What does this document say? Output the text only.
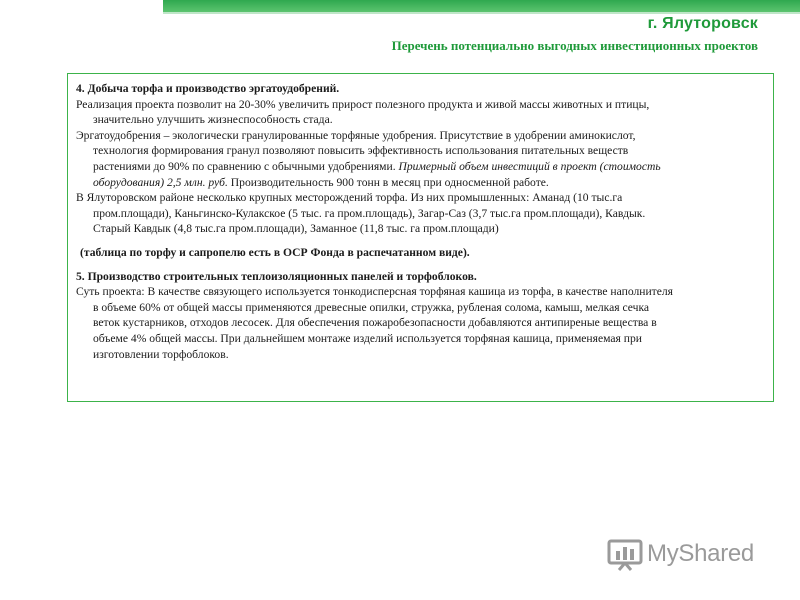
г. Ялуторовск
Перечень потенциально выгодных инвестиционных проектов

4. Добыча торфа и производство эргатоудобрений.

Реализация проекта позволит на 20-30% увеличить прирост полезного продукта и живой массы животных и птицы,

значительно улучшить жизнеспособность стада.

Эргатоудобрения – экологически гранулированные торфяные удобрения. Присутствие в удобрении аминокислот,

технология формирования гранул позволяют повысить эффективность использования питательных веществ

растениями до 90% по сравнению с обычными удобрениями. Примерный объем инвестиций в проект (стоимость

оборудования) 2,5 млн. руб. Производительность 900 тонн в месяц при односменной работе.

В Ялуторовском районе несколько крупных месторождений торфа. Из них промышленных: Аманад (10 тыс.га

пром.площади), Каньгинско-Кулакское (5 тыс. га пром.площадь), Загар-Саз (3,7 тыс.га пром.площади), Кавдык.

Старый Кавдык (4,8 тыс.га пром.площади), Заманное (11,8 тыс. га пром.площади)

(таблица по торфу и сапропелю есть в ОСР Фонда в распечатанном виде).

5. Производство строительных теплоизоляционных панелей и торфоблоков.

Суть проекта: В качестве связующего используется тонкодисперсная торфяная кашица из торфа, в качестве наполнителя

в объеме 60% от общей массы применяются древесные опилки, стружка, рубленая солома, камыш, мелкая сечка

веток кустарников, отходов лесосек. Для обеспечения пожаробезопасности добавляются антипиреные вещества в

объеме 4% общей массы. При дальнейшем монтаже изделий используется торфяная кашица, применяемая при

изготовлении торфоблоков.

MyShared
